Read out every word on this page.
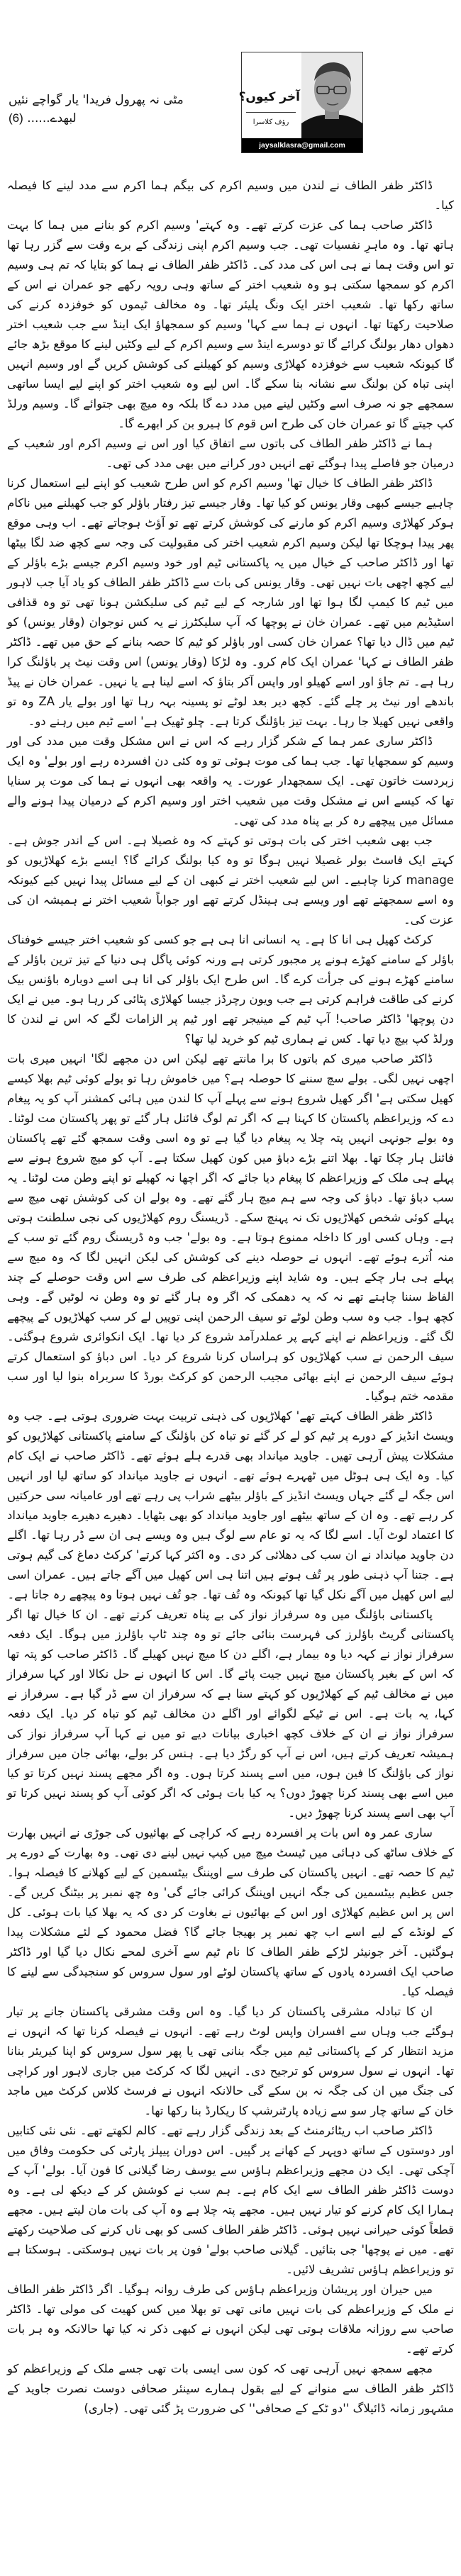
مٹی نہ پھرول فریدا' یار گواچے نئیں لبھدے...... (6)
آخر کیوں؟
رؤف کلاسرا
jaysalklasra@gmail.com

ڈاکٹر ظفر الطاف نے لندن میں وسیم اکرم کی بیگم ہما اکرم سے مدد لینے کا فیصلہ کیا۔

ڈاکٹر صاحب ہما کی عزت کرتے تھے۔ وہ کہتے' وسیم اکرم کو بنانے میں ہما کا بہت ہاتھ تھا۔ وہ ماہرِ نفسیات تھی۔ جب وسیم اکرم اپنی زندگی کے برے وقت سے گزر رہا تھا تو اس وقت ہما نے ہی اس کی مدد کی۔ ڈاکٹر ظفر الطاف نے ہما کو بتایا کہ تم ہی وسیم اکرم کو سمجھا سکتی ہو وہ شعیب اختر کے ساتھ وہی رویہ رکھے جو عمران نے اس کے ساتھ رکھا تھا۔ شعیب اختر ایک ونگ پلیئر تھا۔ وہ مخالف ٹیموں کو خوفزدہ کرنے کی صلاحیت رکھتا تھا۔ انہوں نے ہما سے کہا' وسیم کو سمجھاؤ ایک اینڈ سے جب شعیب اختر دھواں دھار بولنگ کرائے گا تو دوسرے اینڈ سے وسیم اکرم کے لیے وکٹیں لینے کا موقع بڑھ جائے گا کیونکہ شعیب سے خوفزدہ کھلاڑی وسیم کو کھیلنے کی کوشش کریں گے اور وسیم انہیں اپنی تباہ کن بولنگ سے نشانہ بنا سکے گا۔ اس لیے وہ شعیب اختر کو اپنے لیے ایسا ساتھی سمجھے جو نہ صرف اسے وکٹیں لینے میں مدد دے گا بلکہ وہ میچ بھی جتوائے گا۔ وسیم ورلڈ کپ جیتے گا تو عمران خان کی طرح اس قوم کا ہیرو بن کر ابھرے گا۔

ہما نے ڈاکٹر ظفر الطاف کی باتوں سے اتفاق کیا اور اس نے وسیم اکرم اور شعیب کے درمیان جو فاصلے پیدا ہوگئے تھے انہیں دور کرانے میں بھی مدد کی تھی۔

ڈاکٹر ظفر الطاف کا خیال تھا' وسیم اکرم کو اس طرح شعیب کو اپنے لیے استعمال کرنا چاہیے جیسے کبھی وقار یونس کو کیا تھا۔ وقار جیسے تیز رفتار باؤلر کو جب کھیلنے میں ناکام ہوکر کھلاڑی وسیم اکرم کو مارنے کی کوشش کرتے تھے تو آؤٹ ہوجاتے تھے۔ اب وہی موقع پھر پیدا ہوچکا تھا لیکن وسیم اکرم شعیب اختر کی مقبولیت کی وجہ سے کچھ ضد لگا بیٹھا تھا اور ڈاکٹر صاحب کے خیال میں یہ پاکستانی ٹیم اور خود وسیم اکرم جیسے بڑے باؤلر کے لیے کچھ اچھی بات نہیں تھی۔ وقار یونس کی بات سے ڈاکٹر ظفر الطاف کو یاد آیا جب لاہور میں ٹیم کا کیمپ لگا ہوا تھا اور شارجہ کے لیے ٹیم کی سلیکشن ہونا تھی تو وہ قذافی اسٹیڈیم میں تھے۔ عمران خان نے پوچھا کہ آپ سلیکٹرز نے یہ کس نوجوان (وقار یونس) کو ٹیم میں ڈال دیا تھا؟ عمران خان کسی اور باؤلر کو ٹیم کا حصہ بنانے کے حق میں تھے۔ ڈاکٹر ظفر الطاف نے کہا' عمران ایک کام کرو۔ وہ لڑکا (وقار یونس) اس وقت نیٹ پر باؤلنگ کرا رہا ہے۔ تم جاؤ اور اسے کھیلو اور واپس آکر بتاؤ کہ اسے لینا ہے یا نہیں۔ عمران خان نے پیڈ باندھے اور نیٹ پر چلے گئے۔ کچھ دیر بعد لوٹے تو پسینہ بہہ رہا تھا اور بولے یار ZA وہ تو واقعی نہیں کھیلا جا رہا۔ بہت تیز باؤلنگ کرتا ہے۔ چلو ٹھیک ہے' اسے ٹیم میں رہنے دو۔

ڈاکٹر ساری عمر ہما کے شکر گزار رہے کہ اس نے اس مشکل وقت میں مدد کی اور وسیم کو سمجھایا تھا۔ جب ہما کی موت ہوئی تو وہ کئی دن افسردہ رہے اور بولے' وہ ایک زبردست خاتون تھی۔ ایک سمجھدار عورت۔ یہ واقعہ بھی انہوں نے ہما کی موت پر سنایا تھا کہ کیسے اس نے مشکل وقت میں شعیب اختر اور وسیم اکرم کے درمیان پیدا ہونے والے مسائل میں پیچھے رہ کر بے پناہ مدد کی تھی۔

جب بھی شعیب اختر کی بات ہوتی تو کہتے کہ وہ غصیلا ہے۔ اس کے اندر جوش ہے۔ کہتے ایک فاسٹ بولر غصیلا نہیں ہوگا تو وہ کیا بولنگ کرائے گا؟ ایسے بڑے کھلاڑیوں کو manage کرنا چاہیے۔ اس لیے شعیب اختر نے کبھی ان کے لیے مسائل پیدا نہیں کیے کیونکہ وہ اسے سمجھتے تھے اور ویسے ہی ہینڈل کرتے تھے اور جواباً شعیب اختر نے ہمیشہ ان کی عزت کی۔

کرکٹ کھیل ہی انا کا ہے۔ یہ انسانی انا ہی ہے جو کسی کو شعیب اختر جیسے خوفناک باؤلر کے سامنے کھڑے ہونے پر مجبور کرتی ہے ورنہ کوئی پاگل ہی دنیا کے تیز ترین باؤلر کے سامنے کھڑے ہونے کی جرأت کرے گا۔ اس طرح ایک باؤلر کی انا ہی اسے دوبارہ باؤنس بیک کرنے کی طاقت فراہم کرتی ہے جب ویون رچرڈز جیسا کھلاڑی پٹائی کر رہا ہو۔ میں نے ایک دن پوچھا' ڈاکٹر صاحب! آپ ٹیم کے مینیجر تھے اور ٹیم پر الزامات لگے کہ اس نے لندن کا ورلڈ کپ بیچ دیا تھا۔ کس نے ہماری ٹیم کو خرید لیا تھا؟

ڈاکٹر صاحب میری کم باتوں کا برا مانتے تھے لیکن اس دن مجھے لگا' انہیں میری بات اچھی نہیں لگی۔ بولے سچ سننے کا حوصلہ ہے؟ میں خاموش رہا تو بولے کوئی ٹیم بھلا کیسے کھیل سکتی ہے' اگر کھیل شروع ہونے سے پہلے آپ کا لندن میں ہائی کمشنر آپ کو یہ پیغام دے کہ وزیراعظم پاکستان کا کہنا ہے کہ اگر تم لوگ فائنل ہار گئے تو پھر پاکستان مت لوٹنا۔ وہ بولے جونہی انہیں پتہ چلا یہ پیغام دیا گیا ہے تو وہ اسی وقت سمجھ گئے تھے پاکستان فائنل ہار چکا تھا۔ بھلا اتنے بڑے دباؤ میں کون کھیل سکتا ہے۔ آپ کو میچ شروع ہونے سے پہلے ہی ملک کے وزیراعظم کا پیغام دیا جائے کہ اگر اچھا نہ کھیلے تو اپنے وطن مت لوٹنا۔ یہ سب دباؤ تھا۔ دباؤ کی وجہ سے ہم میچ ہار گئے تھے۔ وہ بولے ان کی کوشش تھی میچ سے پہلے کوئی شخص کھلاڑیوں تک نہ پہنچ سکے۔ ڈریسنگ روم کھلاڑیوں کی نجی سلطنت ہوتی ہے۔ وہاں کسی اور کا داخلہ ممنوع ہوتا ہے۔ وہ بولے' جب وہ ڈریسنگ روم گئے تو سب کے منہ اُترے ہوئے تھے۔ انہوں نے حوصلہ دینے کی کوشش کی لیکن انہیں لگا کہ وہ میچ سے پہلے ہی ہار چکے ہیں۔ وہ شاید اپنے وزیراعظم کی طرف سے اس وقت حوصلے کے چند الفاظ سننا چاہتے تھے نہ کہ یہ دھمکی کہ اگر وہ ہار گئے تو وہ وطن نہ لوٹیں گے۔ وہی کچھ ہوا۔ جب وہ سب وطن لوٹے تو سیف الرحمن اپنی توپیں لے کر سب کھلاڑیوں کے پیچھے لگ گئے۔ وزیراعظم نے اپنے کہے پر عملدرآمد شروع کر دیا تھا۔ ایک انکوائری شروع ہوگئی۔ سیف الرحمن نے سب کھلاڑیوں کو ہراساں کرنا شروع کر دیا۔ اس دباؤ کو استعمال کرتے ہوئے سیف الرحمن نے اپنے بھائی مجیب الرحمن کو کرکٹ بورڈ کا سربراہ بنوا لیا اور سب مقدمہ ختم ہوگیا۔

ڈاکٹر ظفر الطاف کہتے تھے' کھلاڑیوں کی ذہنی تربیت بہت ضروری ہوتی ہے۔ جب وہ ویسٹ انڈیز کے دورے پر ٹیم کو لے کر گئے تو تباہ کن باؤلنگ کے سامنے پاکستانی کھلاڑیوں کو مشکلات پیش آرہی تھیں۔ جاوید میانداد بھی قدرے ہلے ہوئے تھے۔ ڈاکٹر صاحب نے ایک کام کیا۔ وہ ایک ہی ہوٹل میں ٹھہرے ہوئے تھے۔ انہوں نے جاوید میانداد کو ساتھ لیا اور انہیں اس جگہ لے گئے جہاں ویسٹ انڈیز کے باؤلر بیٹھے شراب پی رہے تھے اور عامیانہ سی حرکتیں کر رہے تھے۔ وہ ان کے ساتھ بیٹھے اور جاوید میانداد کو بھی بٹھایا۔ دھیرے دھیرے جاوید میانداد کا اعتماد لوٹ آیا۔ اسے لگا کہ یہ تو عام سے لوگ ہیں وہ ویسے ہی ان سے ڈر رہا تھا۔ اگلے دن جاوید میانداد نے ان سب کی دھلائی کر دی۔ وہ اکثر کہا کرتے' کرکٹ دماغ کی گیم ہوتی ہے۔ جتنا آپ ذہنی طور پر تُف ہوتے ہیں اتنا ہی اس کھیل میں آگے جاتے ہیں۔ عمران اسی لیے اس کھیل میں آگے نکل گیا تھا کیونکہ وہ تُف تھا۔ جو تُف نہیں ہوتا وہ پیچھے رہ جاتا ہے۔

پاکستانی باؤلنگ میں وہ سرفراز نواز کی بے پناہ تعریف کرتے تھے۔ ان کا خیال تھا اگر پاکستانی گریٹ باؤلرز کی فہرست بنائی جائے تو وہ چند ٹاپ باؤلرز میں ہوگا۔ ایک دفعہ سرفراز نواز نے کہہ دیا وہ بیمار ہے، اگلے دن کا میچ نہیں کھیلے گا۔ ڈاکٹر صاحب کو پتہ تھا کہ اس کے بغیر پاکستان میچ نہیں جیت پائے گا۔ اس کا انہوں نے حل نکالا اور کہا سرفراز میں نے مخالف ٹیم کے کھلاڑیوں کو کہتے سنا ہے کہ سرفراز ان سے ڈر گیا ہے۔ سرفراز نے کہا، یہ بات ہے۔ اس نے ٹیکے لگوائے اور اگلے دن مخالف ٹیم کو تباہ کر دیا۔ ایک دفعہ سرفراز نواز نے ان کے خلاف کچھ اخباری بیانات دیے تو میں نے کہا آپ سرفراز نواز کی ہمیشہ تعریف کرتے ہیں، اس نے آپ کو رگڑ دیا ہے۔ ہنس کر بولے، بھائی جان میں سرفراز نواز کی باؤلنگ کا فین ہوں، میں اسے پسند کرتا ہوں۔ وہ اگر مجھے پسند نہیں کرتا تو کیا میں اسے بھی پسند کرنا چھوڑ دوں؟ یہ کیا بات ہوئی کہ اگر کوئی آپ کو پسند نہیں کرتا تو آپ بھی اسے پسند کرنا چھوڑ دیں۔

ساری عمر وہ اس بات پر افسردہ رہے کہ کراچی کے بھائیوں کی جوڑی نے انہیں بھارت کے خلاف ساٹھ کی دہائی میں ٹیسٹ میچ میں کیپ نہیں لینے دی تھی۔ وہ بھارت کے دورے پر ٹیم کا حصہ تھے۔ انہیں پاکستان کی طرف سے اوپننگ بیٹسمین کے لیے کھلانے کا فیصلہ ہوا۔ جس عظیم بیٹسمین کی جگہ انہیں اوپننگ کرائی جائے گی' وہ چھ نمبر پر بیٹنگ کریں گے۔ اس پر اس عظیم کھلاڑی اور اس کے بھائیوں نے بغاوت کر دی کہ یہ بھلا کیا بات ہوئی۔ کل کے لونڈے کے لیے اسے اب چھ نمبر پر بھیجا جائے گا؟ فضل محمود کے لئے مشکلات پیدا ہوگئیں۔ آخر جونیئر لڑکے ظفر الطاف کا نام ٹیم سے آخری لمحے نکال دیا گیا اور ڈاکٹر صاحب ایک افسردہ یادوں کے ساتھ پاکستان لوٹے اور سول سروس کو سنجیدگی سے لینے کا فیصلہ کیا۔

ان کا تبادلہ مشرقی پاکستان کر دیا گیا۔ وہ اس وقت مشرقی پاکستان جانے پر تیار ہوگئے جب وہاں سے افسران واپس لوٹ رہے تھے۔ انہوں نے فیصلہ کرنا تھا کہ انہوں نے مزید انتظار کر کے پاکستانی ٹیم میں جگہ بنانی تھی یا پھر سول سروس کو اپنا کیریئر بنانا تھا۔ انہوں نے سول سروس کو ترجیح دی۔ انہیں لگا کہ کرکٹ میں جاری لاہور اور کراچی کی جنگ میں ان کی جگہ نہ بن سکے گی حالانکہ انہوں نے فرسٹ کلاس کرکٹ میں ماجد خان کے ساتھ چار سو سے زیادہ پارٹنرشپ کا ریکارڈ بنا رکھا تھا۔

ڈاکٹر صاحب اب ریٹائرمنٹ کے بعد زندگی گزار رہے تھے۔ کالم لکھتے تھے۔ نئی نئی کتابیں اور دوستوں کے ساتھ دوپہر کے کھانے پر گپیں۔ اس دوران پیپلز پارٹی کی حکومت وفاق میں آچکی تھی۔ ایک دن مجھے وزیراعظم ہاؤس سے یوسف رضا گیلانی کا فون آیا۔ بولے' آپ کے دوست ڈاکٹر ظفر الطاف سے ایک کام ہے۔ ہم سب نے کوشش کر کے دیکھ لی ہے۔ وہ ہمارا ایک کام کرنے کو تیار نہیں ہیں۔ مجھے پتہ چلا ہے وہ آپ کی بات مان لیتے ہیں۔ مجھے قطعاً کوئی حیرانی نہیں ہوئی۔ ڈاکٹر ظفر الطاف کسی کو بھی ناں کرنے کی صلاحیت رکھتے تھے۔ میں نے پوچھا' جی بتائیں۔ گیلانی صاحب بولے' فون پر بات نہیں ہوسکتی۔ ہوسکتا ہے تو وزیراعظم ہاؤس تشریف لائیں۔

میں حیران اور پریشان وزیراعظم ہاؤس کی طرف روانہ ہوگیا۔ اگر ڈاکٹر ظفر الطاف نے ملک کے وزیراعظم کی بات نہیں مانی تھی تو بھلا میں کس کھیت کی مولی تھا۔ ڈاکٹر صاحب سے روزانہ ملاقات ہوتی تھی لیکن انہوں نے کبھی ذکر نہ کیا تھا حالانکہ وہ ہر بات کرتے تھے۔

مجھے سمجھ نہیں آرہی تھی کہ کون سی ایسی بات تھی جسے ملک کے وزیراعظم کو ڈاکٹر ظفر الطاف سے منوانے کے لیے بقول ہمارے سینئر صحافی دوست نصرت جاوید کے مشہور زمانہ ڈائیلاگ ''دو ٹکے کے صحافی'' کی ضرورت پڑ گئی تھی۔ (جاری)
